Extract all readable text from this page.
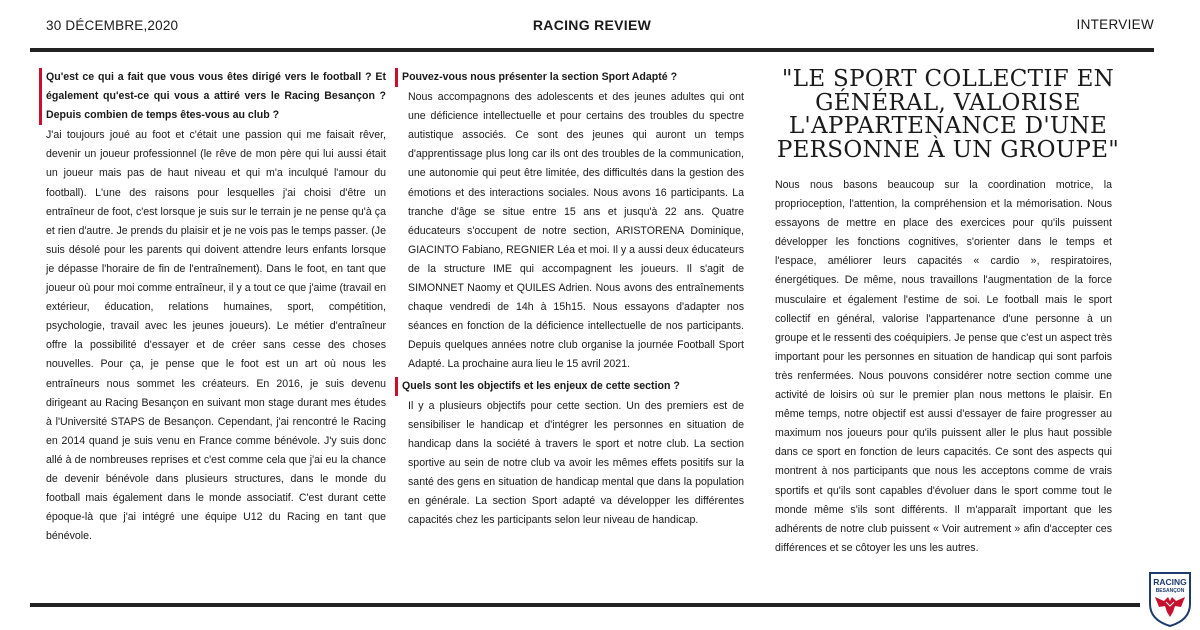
30 DÉCEMBRE,2020	RACING REVIEW	INTERVIEW

Qu'est ce qui a fait que vous vous êtes dirigé vers le football ? Et également qu'est-ce qui vous a attiré vers le Racing Besançon ? Depuis combien de temps êtes-vous au club ?

J'ai toujours joué au foot et c'était une passion qui me faisait rêver, devenir un joueur professionnel (le rêve de mon père qui lui aussi était un joueur mais pas de haut niveau et qui m'a inculqué l'amour du football). L'une des raisons pour lesquelles j'ai choisi d'être un entraîneur de foot, c'est lorsque je suis sur le terrain je ne pense qu'à ça et rien d'autre. Je prends du plaisir et je ne vois pas le temps passer. (Je suis désolé pour les parents qui doivent attendre leurs enfants lorsque je dépasse l'horaire de fin de l'entraînement). Dans le foot, en tant que joueur où pour moi comme entraîneur, il y a tout ce que j'aime (travail en extérieur, éducation, relations humaines, sport, compétition, psychologie, travail avec les jeunes joueurs). Le métier d'entraîneur offre la possibilité d'essayer et de créer sans cesse des choses nouvelles. Pour ça, je pense que le foot est un art où nous les entraîneurs nous sommet les créateurs. En 2016, je suis devenu dirigeant au Racing Besançon en suivant mon stage durant mes études à l'Université STAPS de Besançon. Cependant, j'ai rencontré le Racing en 2014 quand je suis venu en France comme bénévole. J'y suis donc allé à de nombreuses reprises et c'est comme cela que j'ai eu la chance de devenir bénévole dans plusieurs structures, dans le monde du football mais également dans le monde associatif. C'est durant cette époque-là que j'ai intégré une équipe U12 du Racing en tant que bénévole.

Pouvez-vous nous présenter la section Sport Adapté ?

Nous accompagnons des adolescents et des jeunes adultes qui ont une déficience intellectuelle et pour certains des troubles du spectre autistique associés. Ce sont des jeunes qui auront un temps d'apprentissage plus long car ils ont des troubles de la communication, une autonomie qui peut être limitée, des difficultés dans la gestion des émotions et des interactions sociales. Nous avons 16 participants. La tranche d'âge se situe entre 15 ans et jusqu'à 22 ans. Quatre éducateurs s'occupent de notre section, ARISTORENA Dominique, GIACINTO Fabiano, REGNIER Léa et moi. Il y a aussi deux éducateurs de la structure IME qui accompagnent les joueurs. Il s'agit de SIMONNET Naomy et QUILES Adrien. Nous avons des entraînements chaque vendredi de 14h à 15h15. Nous essayons d'adapter nos séances en fonction de la déficience intellectuelle de nos participants. Depuis quelques années notre club organise la journée Football Sport Adapté. La prochaine aura lieu le 15 avril 2021.

Quels sont les objectifs et les enjeux de cette section ?

Il y a plusieurs objectifs pour cette section. Un des premiers est de sensibiliser le handicap et d'intégrer les personnes en situation de handicap dans la société à travers le sport et notre club. La section sportive au sein de notre club va avoir les mêmes effets positifs sur la santé des gens en situation de handicap mental que dans la population en générale. La section Sport adapté va développer les différentes capacités chez les participants selon leur niveau de handicap.

"LE SPORT COLLECTIF EN GÉNÉRAL, VALORISE L'APPARTENANCE D'UNE PERSONNE À UN GROUPE"

Nous nous basons beaucoup sur la coordination motrice, la proprioception, l'attention, la compréhension et la mémorisation. Nous essayons de mettre en place des exercices pour qu'ils puissent développer les fonctions cognitives, s'orienter dans le temps et l'espace, améliorer leurs capacités « cardio », respiratoires, énergétiques. De même, nous travaillons l'augmentation de la force musculaire et également l'estime de soi. Le football mais le sport collectif en général, valorise l'appartenance d'une personne à un groupe et le ressenti des coéquipiers. Je pense que c'est un aspect très important pour les personnes en situation de handicap qui sont parfois très renfermées. Nous pouvons considérer notre section comme une activité de loisirs où sur le premier plan nous mettons le plaisir. En même temps, notre objectif est aussi d'essayer de faire progresser au maximum nos joueurs pour qu'ils puissent aller le plus haut possible dans ce sport en fonction de leurs capacités. Ce sont des aspects qui montrent à nos participants que nous les acceptons comme de vrais sportifs et qu'ils sont capables d'évoluer dans le sport comme tout le monde même s'ils sont différents. Il m'apparaît important que les adhérents de notre club puissent « Voir autrement » afin d'accepter ces différences et se côtoyer les uns les autres.

RACING
BESANÇON
